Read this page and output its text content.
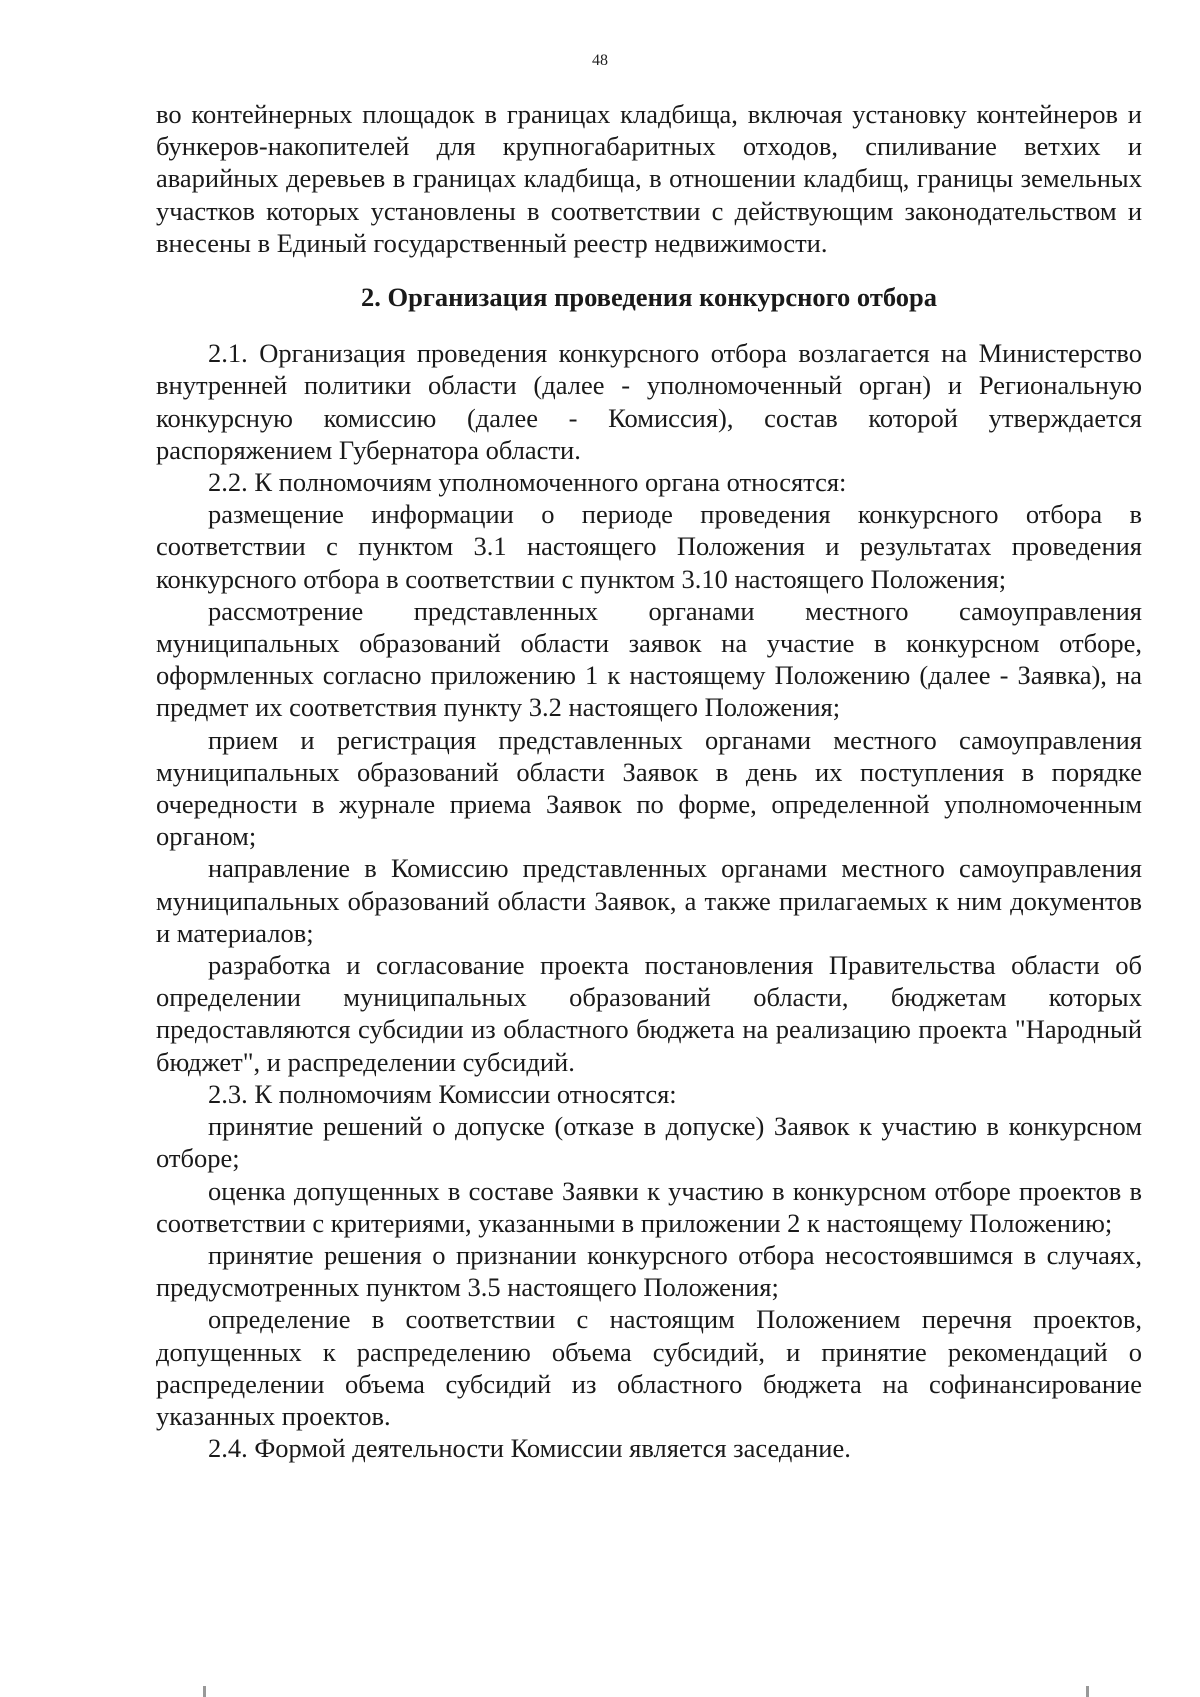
48

во контейнерных площадок в границах кладбища, включая установку контейнеров и бункеров-накопителей для крупногабаритных отходов, спиливание ветхих и аварийных деревьев в границах кладбища, в отношении кладбищ, границы земельных участков которых установлены в соответствии с действующим законодательством и внесены в Единый государственный реестр недвижимости.

2. Организация проведения конкурсного отбора

2.1. Организация проведения конкурсного отбора возлагается на Министерство внутренней политики области (далее - уполномоченный орган) и Региональную конкурсную комиссию (далее - Комиссия), состав которой утверждается распоряжением Губернатора области.

2.2. К полномочиям уполномоченного органа относятся:

размещение информации о периоде проведения конкурсного отбора в соответствии с пунктом 3.1 настоящего Положения и результатах проведения конкурсного отбора в соответствии с пунктом 3.10 настоящего Положения;

рассмотрение представленных органами местного самоуправления муниципальных образований области заявок на участие в конкурсном отборе, оформленных согласно приложению 1 к настоящему Положению (далее - Заявка), на предмет их соответствия пункту 3.2 настоящего Положения;

прием и регистрация представленных органами местного самоуправления муниципальных образований области Заявок в день их поступления в порядке очередности в журнале приема Заявок по форме, определенной уполномоченным органом;

направление в Комиссию представленных органами местного самоуправления муниципальных образований области Заявок, а также прилагаемых к ним документов и материалов;

разработка и согласование проекта постановления Правительства области об определении муниципальных образований области, бюджетам которых предоставляются субсидии из областного бюджета на реализацию проекта "Народный бюджет", и распределении субсидий.

2.3. К полномочиям Комиссии относятся:

принятие решений о допуске (отказе в допуске) Заявок к участию в конкурсном отборе;

оценка допущенных в составе Заявки к участию в конкурсном отборе проектов в соответствии с критериями, указанными в приложении 2 к настоящему Положению;

принятие решения о признании конкурсного отбора несостоявшимся в случаях, предусмотренных пунктом 3.5 настоящего Положения;

определение в соответствии с настоящим Положением перечня проектов, допущенных к распределению объема субсидий, и принятие рекомендаций о распределении объема субсидий из областного бюджета на софинансирование указанных проектов.

2.4. Формой деятельности Комиссии является заседание.
